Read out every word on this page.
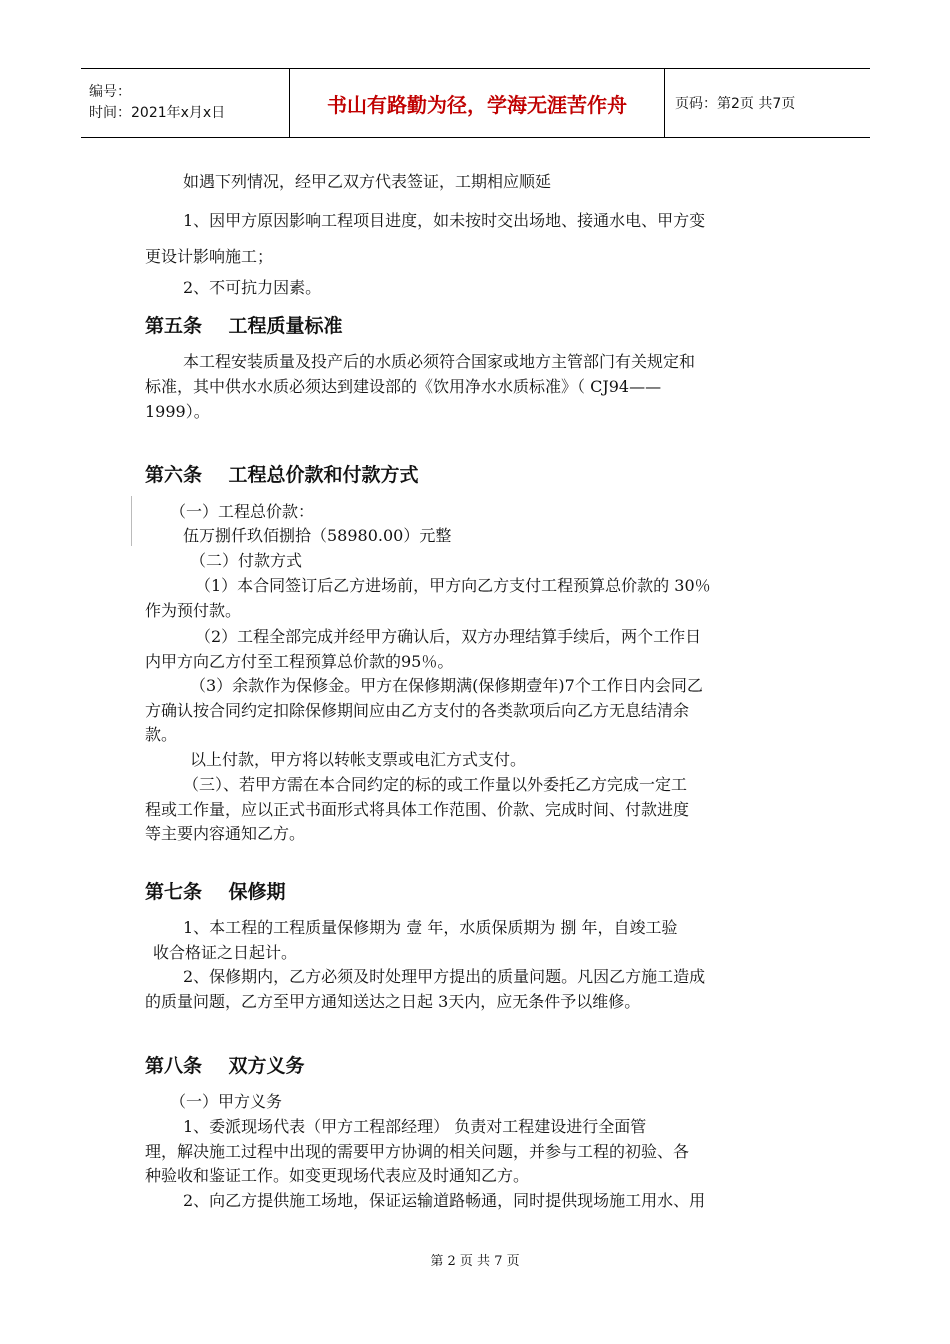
编号：
时间：2021年x月x日	书山有路勤为径，学海无涯苦作舟	页码：第2页 共7页

如遇下列情况，经甲乙双方代表签证，工期相应顺延

1、因甲方原因影响工程项目进度，如未按时交出场地、接通水电、甲方变

更设计影响施工；

2、不可抗力因素。

第五条    工程质量标准

本工程安装质量及投产后的水质必须符合国家或地方主管部门有关规定和

标准，其中供水水质必须达到建设部的《饮用净水水质标准》（ CJ94——

1999）。

第六条    工程总价款和付款方式

（一）工程总价款：

伍万捌仟玖佰捌拾（58980.00）元整

（二）付款方式

（1）本合同签订后乙方进场前，甲方向乙方支付工程预算总价款的 30％

作为预付款。

（2）工程全部完成并经甲方确认后，双方办理结算手续后，两个工作日

内甲方向乙方付至工程预算总价款的95％。

（3）余款作为保修金。甲方在保修期满(保修期壹年)7个工作日内会同乙

方确认按合同约定扣除保修期间应由乙方支付的各类款项后向乙方无息结清余

款。

以上付款，甲方将以转帐支票或电汇方式支付。

（三）、若甲方需在本合同约定的标的或工作量以外委托乙方完成一定工

程或工作量，应以正式书面形式将具体工作范围、价款、完成时间、付款进度

等主要内容通知乙方。

第七条    保修期

1、本工程的工程质量保修期为 壹 年，水质保质期为 捌 年，自竣工验

收合格证之日起计。

2、保修期内，乙方必须及时处理甲方提出的质量问题。凡因乙方施工造成

的质量问题，乙方至甲方通知送达之日起 3天内，应无条件予以维修。

第八条    双方义务

（一）甲方义务

1、委派现场代表（甲方工程部经理） 负责对工程建设进行全面管

理，解决施工过程中出现的需要甲方协调的相关问题，并参与工程的初验、各

种验收和鉴证工作。如变更现场代表应及时通知乙方。

2、向乙方提供施工场地，保证运输道路畅通，同时提供现场施工用水、用

第 2 页 共 7 页
